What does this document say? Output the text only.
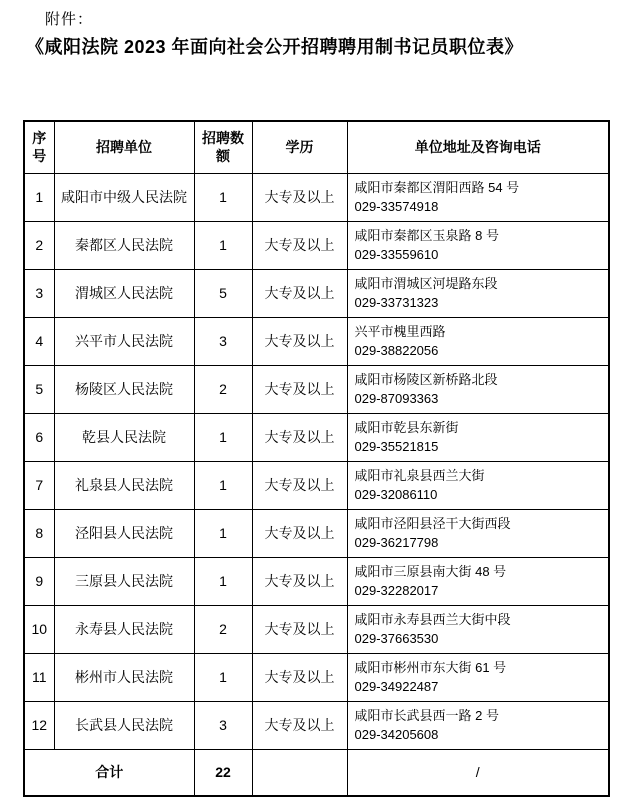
附件：
《咸阳法院 2023 年面向社会公开招聘聘用制书记员职位表》
序号	招聘单位	招聘数额	学历	单位地址及咨询电话
1	咸阳市中级人民法院	1	大专及以上	咸阳市秦都区渭阳西路 54 号
029-33574918

2	秦都区人民法院	1	大专及以上	咸阳市秦都区玉泉路 8 号
029-33559610

3	渭城区人民法院	5	大专及以上	咸阳市渭城区河堤路东段
029-33731323

4	兴平市人民法院	3	大专及以上	兴平市槐里西路
029-38822056

5	杨陵区人民法院	2	大专及以上	咸阳市杨陵区新桥路北段
029-87093363

6	乾县人民法院	1	大专及以上	咸阳市乾县东新街
029-35521815

7	礼泉县人民法院	1	大专及以上	咸阳市礼泉县西兰大街
029-32086110

8	泾阳县人民法院	1	大专及以上	咸阳市泾阳县泾干大街西段
029-36217798

9	三原县人民法院	1	大专及以上	咸阳市三原县南大街 48 号
029-32282017

10	永寿县人民法院	2	大专及以上	咸阳市永寿县西兰大街中段
029-37663530

11	彬州市人民法院	1	大专及以上	咸阳市彬州市东大街 61 号
029-34922487

12	长武县人民法院	3	大专及以上	咸阳市长武县西一路 2 号
029-34205608

合计		22		/
